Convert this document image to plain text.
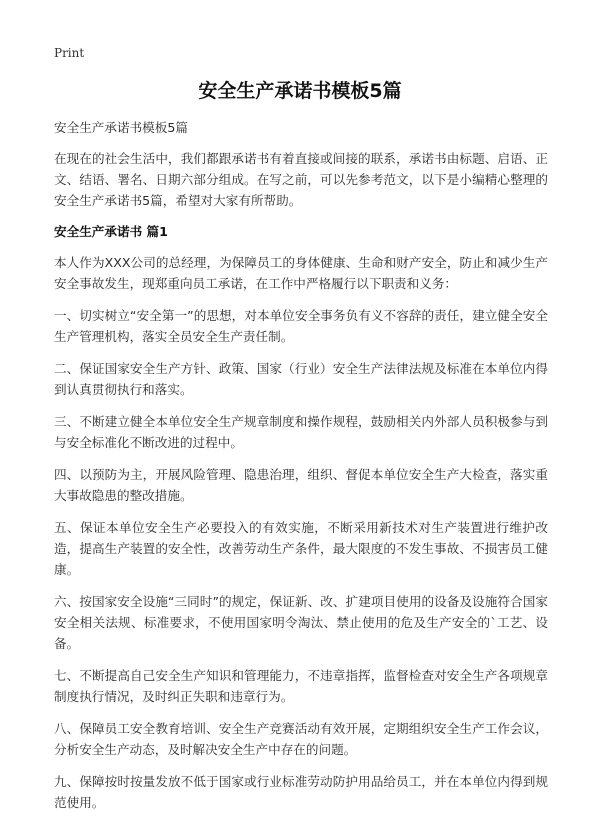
Print
安全生产承诺书模板5篇

安全生产承诺书模板5篇

在现在的社会生活中，我们都跟承诺书有着直接或间接的联系，承诺书由标题、启语、正文、结语、署名、日期六部分组成。在写之前，可以先参考范文，以下是小编精心整理的安全生产承诺书5篇，希望对大家有所帮助。

安全生产承诺书 篇1

本人作为XXX公司的总经理，为保障员工的身体健康、生命和财产安全，防止和减少生产安全事故发生，现郑重向员工承诺，在工作中严格履行以下职责和义务：

一、切实树立“安全第一”的思想，对本单位安全事务负有义不容辞的责任，建立健全安全生产管理机构，落实全员安全生产责任制。

二、保证国家安全生产方针、政策、国家（行业）安全生产法律法规及标准在本单位内得到认真贯彻执行和落实。

三、不断建立健全本单位安全生产规章制度和操作规程，鼓励相关内外部人员积极参与到与安全标准化不断改进的过程中。

四、以预防为主，开展风险管理、隐患治理，组织、督促本单位安全生产大检查，落实重大事故隐患的整改措施。

五、保证本单位安全生产必要投入的有效实施，不断采用新技术对生产装置进行维护改造，提高生产装置的安全性，改善劳动生产条件，最大限度的不发生事故、不损害员工健康。

六、按国家安全设施“三同时”的规定，保证新、改、扩建项目使用的设备及设施符合国家安全相关法规、标准要求，不使用国家明令淘汰、禁止使用的危及生产安全的`工艺、设备。

七、不断提高自己安全生产知识和管理能力，不违章指挥，监督检查对安全生产各项规章制度执行情况，及时纠正失职和违章行为。

八、保障员工安全教育培训、安全生产竞赛活动有效开展，定期组织安全生产工作会议，分析安全生产动态，及时解决安全生产中存在的问题。

九、保障按时按量发放不低于国家或行业标准劳动防护用品给员工，并在本单位内得到规范使用。
